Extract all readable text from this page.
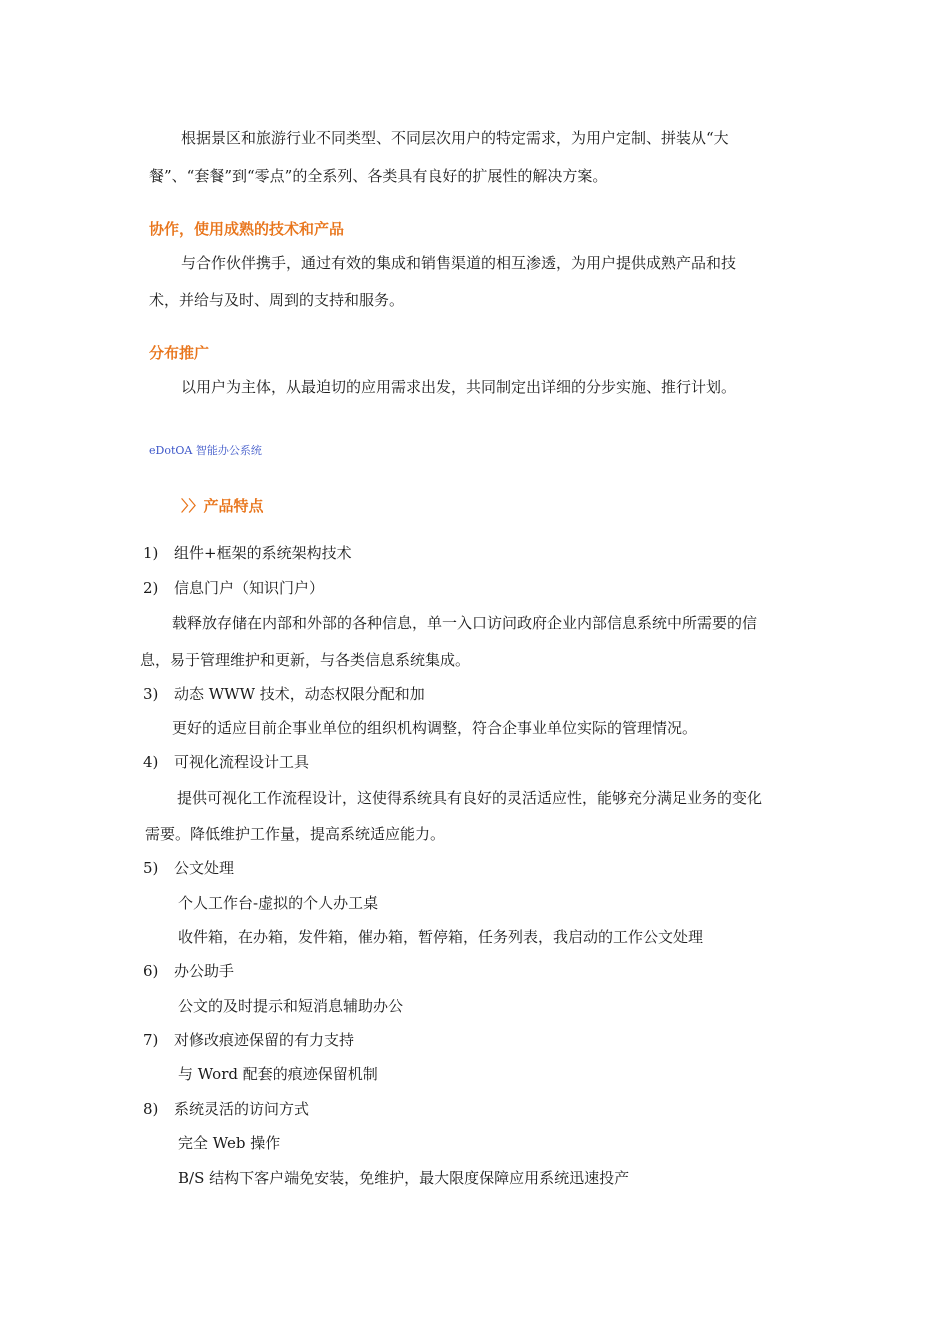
根据景区和旅游行业不同类型、不同层次用户的特定需求，为用户定制、拼装从“大
餐”、“套餐”到“零点”的全系列、各类具有良好的扩展性的解决方案。
协作，使用成熟的技术和产品
与合作伙伴携手，通过有效的集成和销售渠道的相互渗透，为用户提供成熟产品和技
术，并给与及时、周到的支持和服务。
分布推广
以用户为主体，从最迫切的应用需求出发，共同制定出详细的分步实施、推行计划。
eDotOA 智能办公系统
〉〉产品特点
1) 组件+框架的系统架构技术
2) 信息门户（知识门户）
载释放存储在内部和外部的各种信息，单一入口访问政府企业内部信息系统中所需要的信
息，易于管理维护和更新，与各类信息系统集成。
3) 动态 WWW 技术，动态权限分配和加
更好的适应目前企事业单位的组织机构调整，符合企事业单位实际的管理情况。
4) 可视化流程设计工具
提供可视化工作流程设计，这使得系统具有良好的灵活适应性，能够充分满足业务的变化
需要。降低维护工作量，提高系统适应能力。
5) 公文处理
个人工作台-虚拟的个人办工桌
收件箱，在办箱，发件箱，催办箱，暂停箱，任务列表，我启动的工作公文处理
6) 办公助手
公文的及时提示和短消息辅助办公
7) 对修改痕迹保留的有力支持
与 Word 配套的痕迹保留机制
8) 系统灵活的访问方式
完全 Web 操作
B/S 结构下客户端免安装，免维护，最大限度保障应用系统迅速投产
